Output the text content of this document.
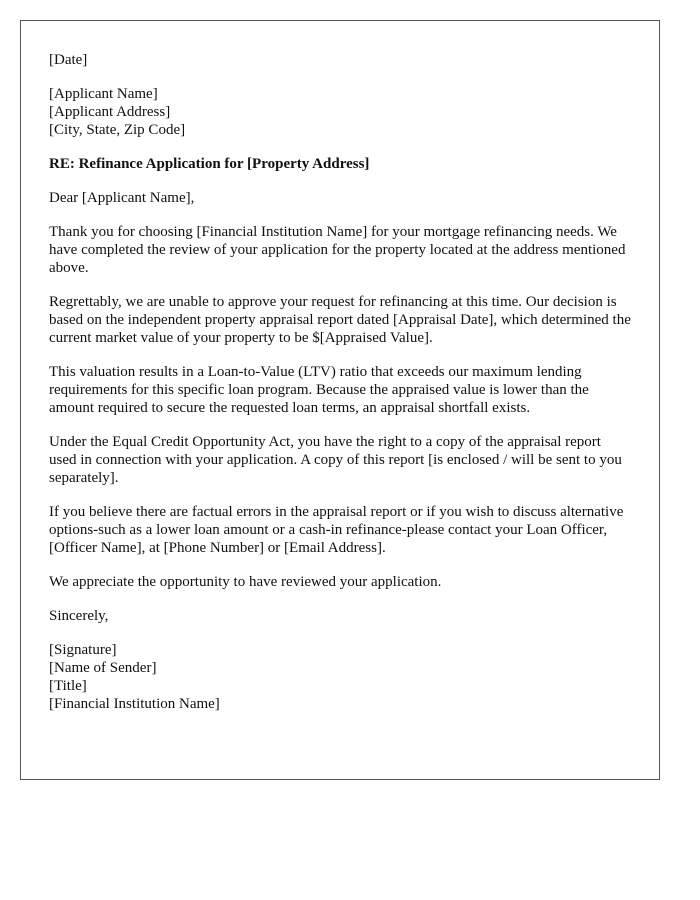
[Date]
[Applicant Name]
[Applicant Address]
[City, State, Zip Code]
RE: Refinance Application for [Property Address]

Dear [Applicant Name],

Thank you for choosing [Financial Institution Name] for your mortgage refinancing needs. We have completed the review of your application for the property located at the address mentioned above.

Regrettably, we are unable to approve your request for refinancing at this time. Our decision is based on the independent property appraisal report dated [Appraisal Date], which determined the current market value of your property to be $[Appraised Value].

This valuation results in a Loan-to-Value (LTV) ratio that exceeds our maximum lending requirements for this specific loan program. Because the appraised value is lower than the amount required to secure the requested loan terms, an appraisal shortfall exists.

Under the Equal Credit Opportunity Act, you have the right to a copy of the appraisal report used in connection with your application. A copy of this report [is enclosed / will be sent to you separately].

If you believe there are factual errors in the appraisal report or if you wish to discuss alternative options-such as a lower loan amount or a cash-in refinance-please contact your Loan Officer, [Officer Name], at [Phone Number] or [Email Address].

We appreciate the opportunity to have reviewed your application.

Sincerely,

[Signature]
[Name of Sender]
[Title]
[Financial Institution Name]
